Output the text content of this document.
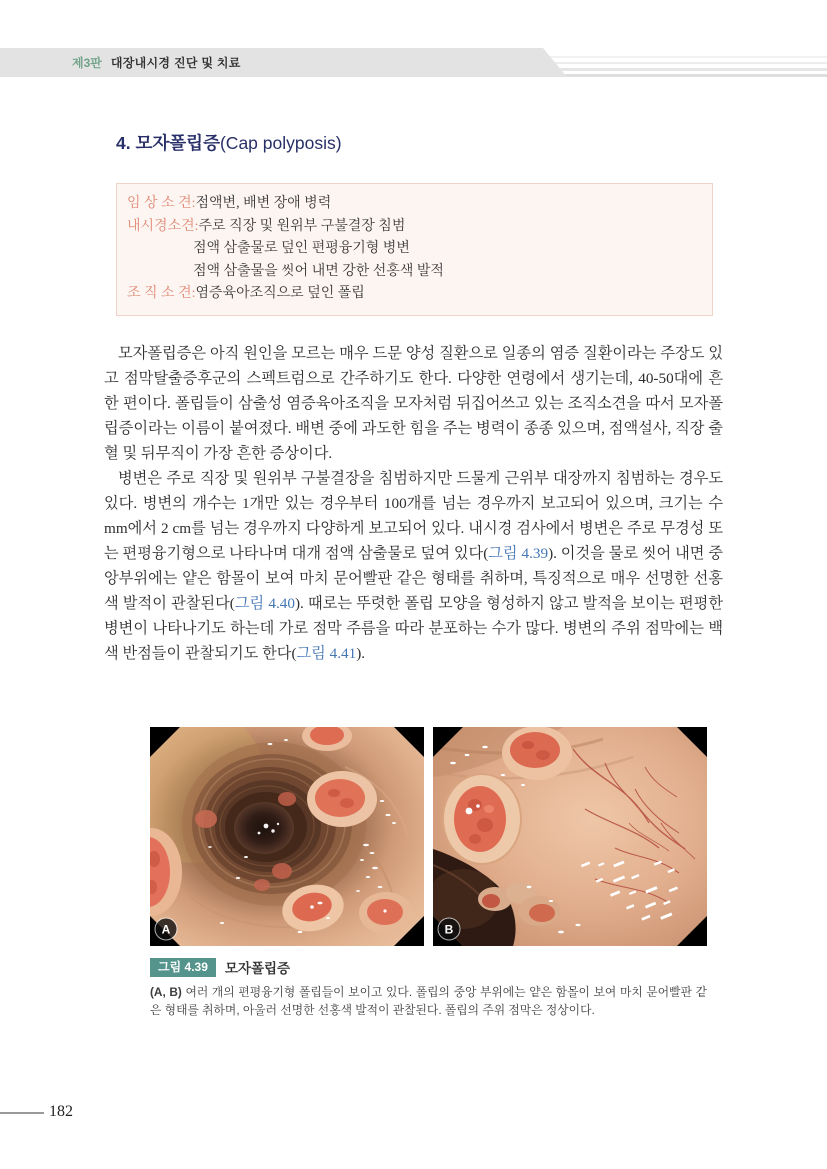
제3판 대장내시경 진단 및 치료
4. 모자폴립증(Cap polyposis)
임 상 소 견: 점액변, 배변 장애 병력
내시경소견: 주로 직장 및 원위부 구불결장 침범
점액 삼출물로 덮인 편평융기형 병변
점액 삼출물을 씻어 내면 강한 선홍색 발적
조 직 소 견: 염증육아조직으로 덮인 폴립

모자폴립증은 아직 원인을 모르는 매우 드문 양성 질환으로 일종의 염증 질환이라는 주장도 있고 점막탈출증후군의 스펙트럼으로 간주하기도 한다. 다양한 연령에서 생기는데, 40-50대에 흔한 편이다. 폴립들이 삼출성 염증육아조직을 모자처럼 뒤집어쓰고 있는 조직소견을 따서 모자폴립증이라는 이름이 붙여졌다. 배변 중에 과도한 힘을 주는 병력이 종종 있으며, 점액설사, 직장 출혈 및 뒤무직이 가장 흔한 증상이다.

병변은 주로 직장 및 원위부 구불결장을 침범하지만 드물게 근위부 대장까지 침범하는 경우도 있다. 병변의 개수는 1개만 있는 경우부터 100개를 넘는 경우까지 보고되어 있으며, 크기는 수 mm에서 2 cm를 넘는 경우까지 다양하게 보고되어 있다. 내시경 검사에서 병변은 주로 무경성 또는 편평융기형으로 나타나며 대개 점액 삼출물로 덮여 있다(그림 4.39). 이것을 물로 씻어 내면 중앙부위에는 얕은 함몰이 보여 마치 문어빨판 같은 형태를 취하며, 특징적으로 매우 선명한 선홍색 발적이 관찰된다(그림 4.40). 때로는 뚜렷한 폴립 모양을 형성하지 않고 발적을 보이는 편평한 병변이 나타나기도 하는데 가로 점막 주름을 따라 분포하는 수가 많다. 병변의 주위 점막에는 백색 반점들이 관찰되기도 한다(그림 4.41).

A	B
그림 4.39	모자폴립증
(A, B) 여러 개의 편평융기형 폴립들이 보이고 있다. 폴립의 중앙 부위에는 얕은 함몰이 보여 마치 문어빨판 같은 형태를 취하며, 아울러 선명한 선홍색 발적이 관찰된다. 폴립의 주위 점막은 정상이다.
182
